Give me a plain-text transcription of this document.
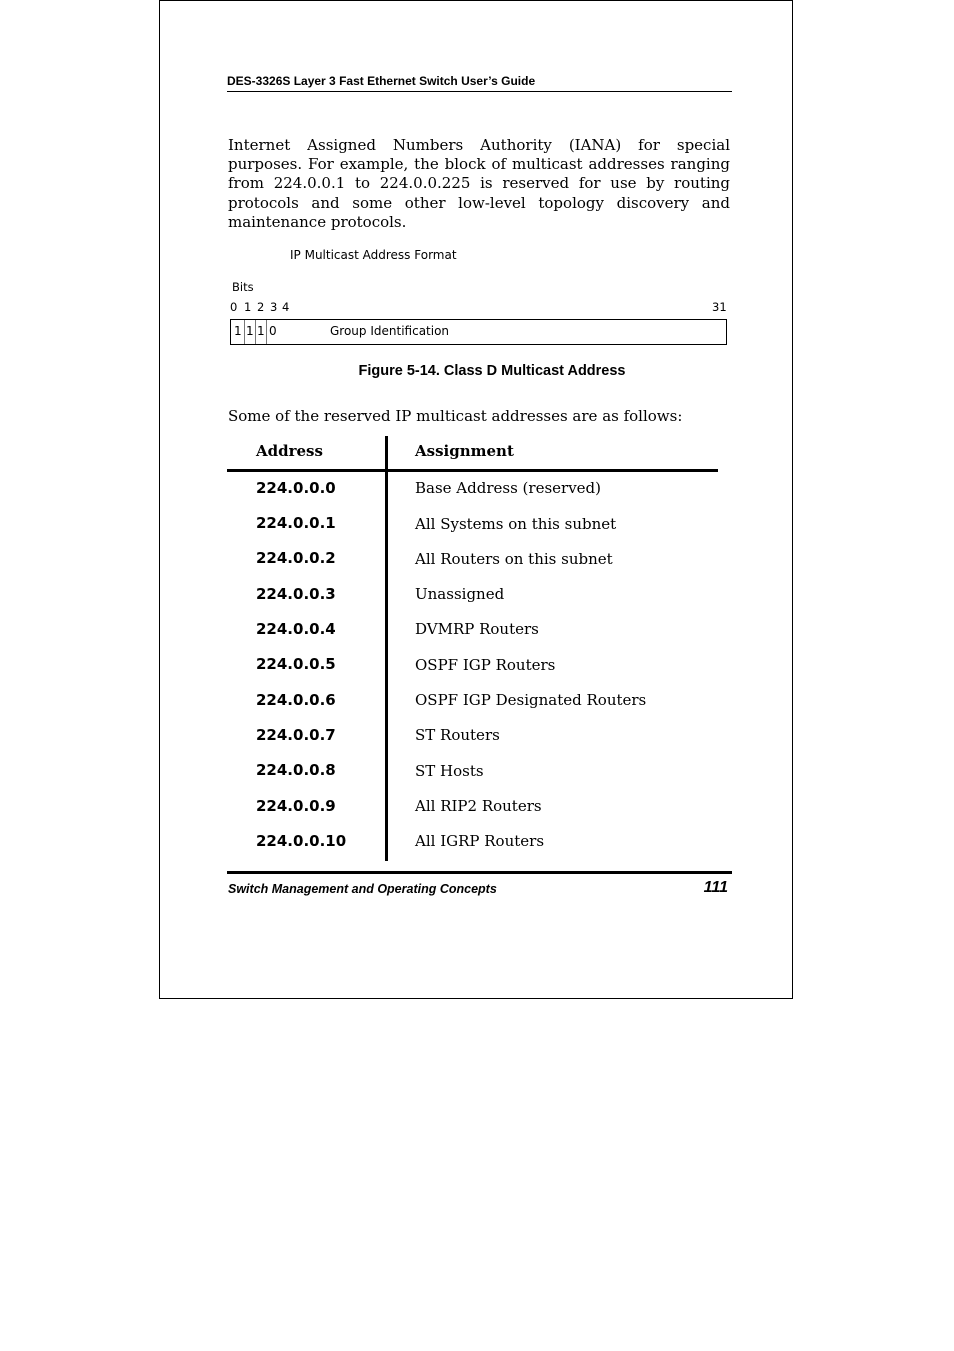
DES-3326S Layer 3 Fast Ethernet Switch User’s Guide

Internet Assigned Numbers Authority (IANA) for special purposes. For example, the block of multicast addresses ranging from 224.0.0.1 to 224.0.0.225 is reserved for use by routing protocols and some other low-level topology discovery and maintenance protocols.

IP Multicast Address Format
Bits
0 1 2 3 4	31
1 1 1 0	Group Identification
Figure 5-14. Class D Multicast Address
Some of the reserved IP multicast addresses are as follows:
Address	Assignment
224.0.0.0	Base Address (reserved)
224.0.0.1	All Systems on this subnet
224.0.0.2	All Routers on this subnet
224.0.0.3	Unassigned
224.0.0.4	DVMRP Routers
224.0.0.5	OSPF IGP Routers
224.0.0.6	OSPF IGP Designated Routers
224.0.0.7	ST Routers
224.0.0.8	ST Hosts
224.0.0.9	All RIP2 Routers
224.0.0.10	All IGRP Routers
Switch Management and Operating Concepts	111
